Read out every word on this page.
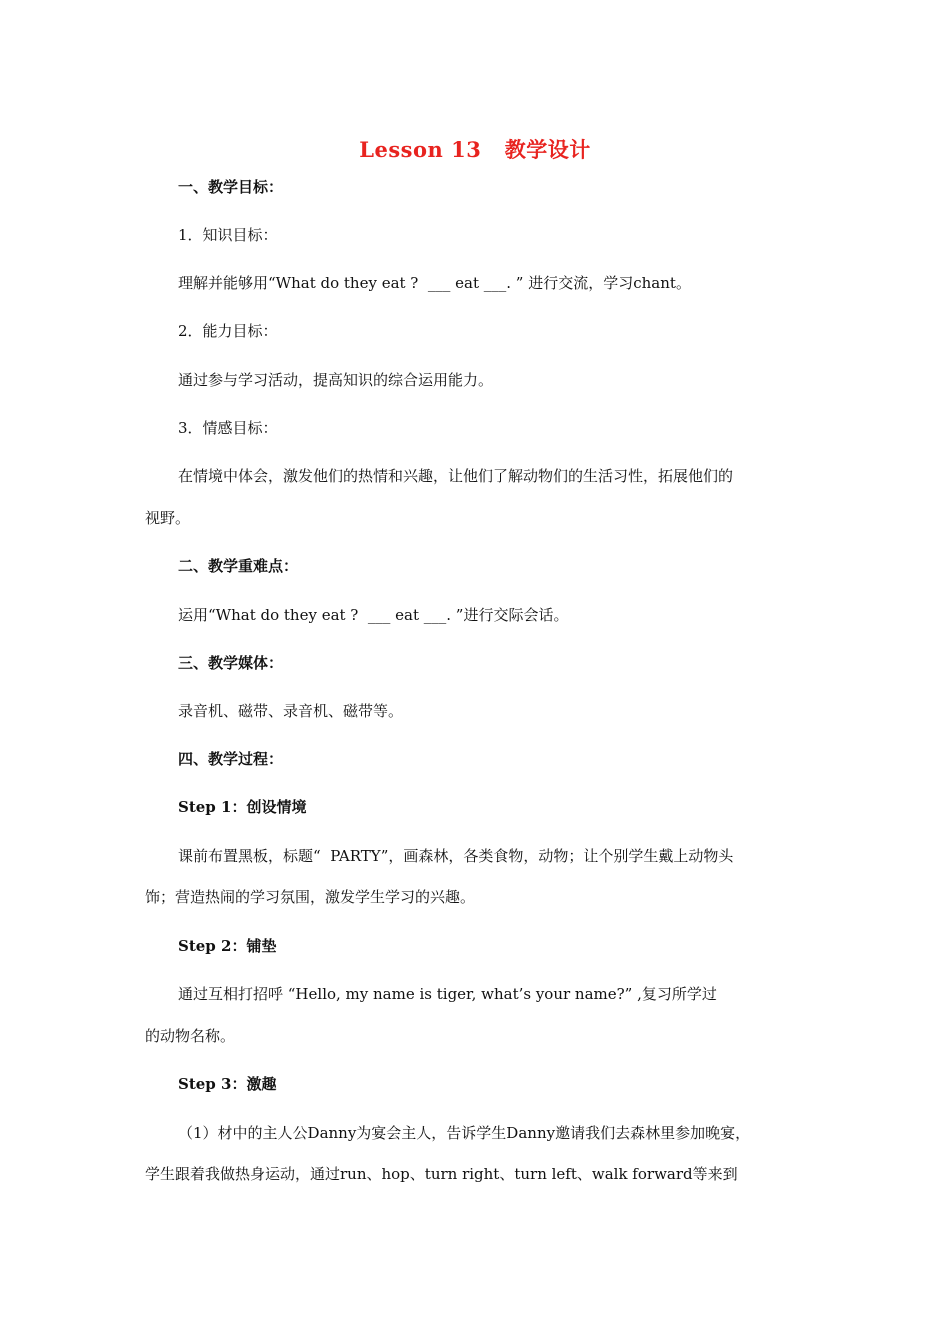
Lesson 13   教学设计
一、教学目标：
1．知识目标：
理解并能够用“What do they eat ?  ___ eat ___. ” 进行交流，学习chant。
2．能力目标：
通过参与学习活动，提高知识的综合运用能力。
3．情感目标：
在情境中体会，激发他们的热情和兴趣，让他们了解动物们的生活习性，拓展他们的
视野。
二、教学重难点：
运用“What do they eat ?  ___ eat ___. ”进行交际会话。
三、教学媒体：
录音机、磁带、录音机、磁带等。
四、教学过程：
Step 1：创设情境
课前布置黑板，标题“  PARTY”，画森林，各类食物，动物；让个别学生戴上动物头
饰；营造热闹的学习氛围，激发学生学习的兴趣。
Step 2：铺垫
通过互相打招呼 “Hello, my name is tiger, what’s your name?” ,复习所学过
的动物名称。
Step 3：激趣
（1）材中的主人公Danny为宴会主人，告诉学生Danny邀请我们去森林里参加晚宴，
学生跟着我做热身运动，通过run、hop、turn right、turn left、walk forward等来到
